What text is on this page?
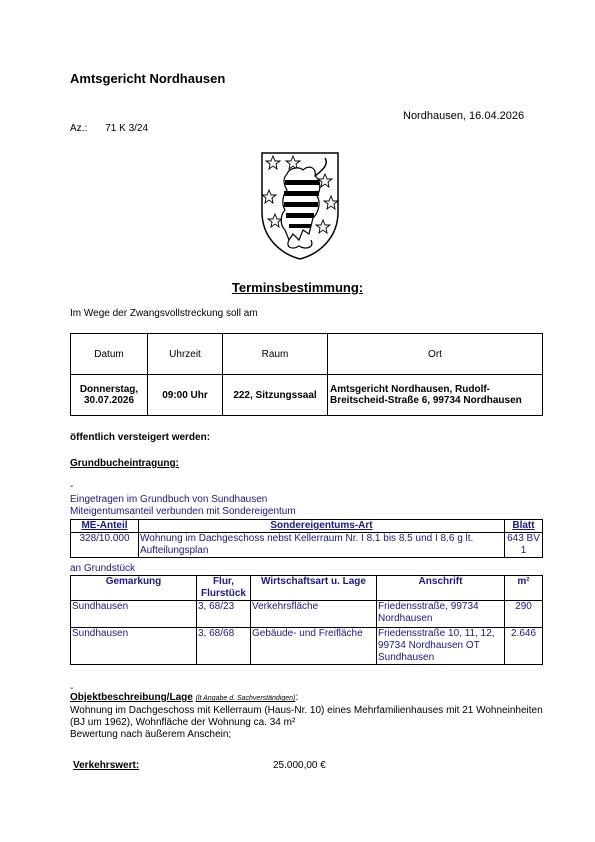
Amtsgericht Nordhausen
Nordhausen, 16.04.2026
Az.: 71 K 3/24
Terminsbestimmung:
Im Wege der Zwangsvollstreckung soll am
Datum	Uhrzeit	Raum	Ort
Donnerstag, 30.07.2026	09:00 Uhr	222, Sitzungssaal	Amtsgericht Nordhausen, Rudolf-Breitscheid-Straße 6, 99734 Nordhausen
öffentlich versteigert werden:
Grundbucheintragung:
-
Eingetragen im Grundbuch von Sundhausen
Miteigentumsanteil verbunden mit Sondereigentum
ME-Anteil	Sondereigentums-Art	Blatt
328/10.000	Wohnung im Dachgeschoss nebst Kellerraum Nr. I 8.1 bis 8.5 und I 8.6 g lt. Aufteilungsplan	643 BV 1
an Grundstück
Gemarkung	Flur, Flurstück	Wirtschaftsart u. Lage	Anschrift	m²
Sundhausen	3, 68/23	Verkehrsfläche	Friedensstraße, 99734 Nordhausen	290
Sundhausen	3, 68/68	Gebäude- und Freifläche	Friedensstraße 10, 11, 12, 99734 Nordhausen OT Sundhausen	2.646
-
Objektbeschreibung/Lage (lt Angabe d. Sachverständigen):
Wohnung im Dachgeschoss mit Kellerraum (Haus-Nr. 10) eines Mehrfamilienhauses mit 21 Wohneinheiten (BJ um 1962), Wohnfläche der Wohnung ca. 34 m²
Bewertung nach äußerem Anschein;
Verkehrswert:	25.000,00 €
